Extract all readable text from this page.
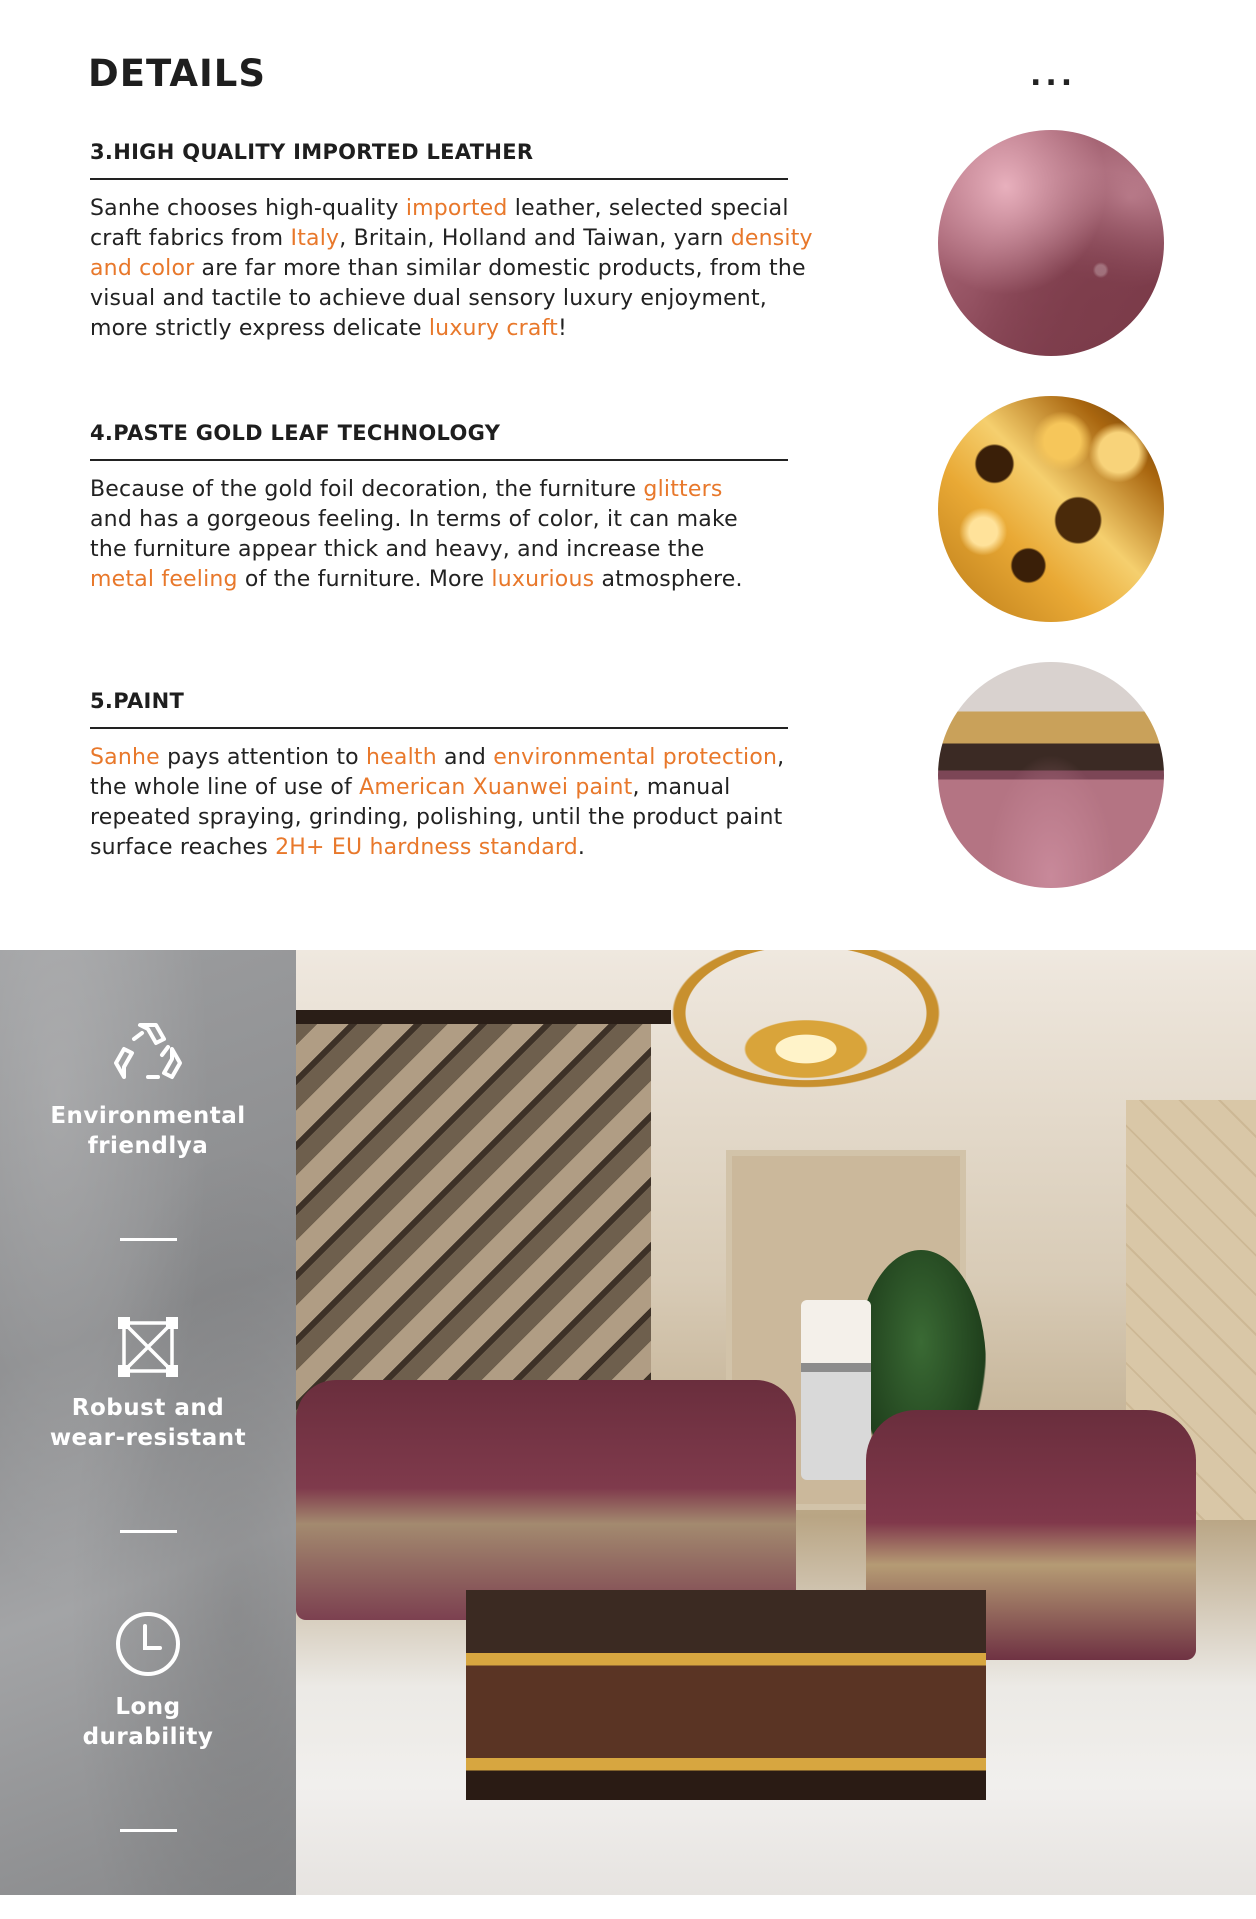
DETAILS	...
3.HIGH QUALITY IMPORTED LEATHER

Sanhe chooses high-quality imported leather, selected special craft fabrics from Italy, Britain, Holland and Taiwan, yarn density and color are far more than similar domestic products, from the visual and tactile to achieve dual sensory luxury enjoyment, more strictly express delicate luxury craft!

4.PASTE GOLD LEAF TECHNOLOGY

Because of the gold foil decoration, the furniture glitters and has a gorgeous feeling. In terms of color, it can make the furniture appear thick and heavy, and increase the metal feeling of the furniture. More luxurious atmosphere.

5.PAINT

Sanhe pays attention to health and environmental protection, the whole line of use of American Xuanwei paint, manual repeated spraying, grinding, polishing, until the product paint surface reaches 2H+ EU hardness standard.

Environmental
friendlya
Robust and
wear-resistant
Long
durability
